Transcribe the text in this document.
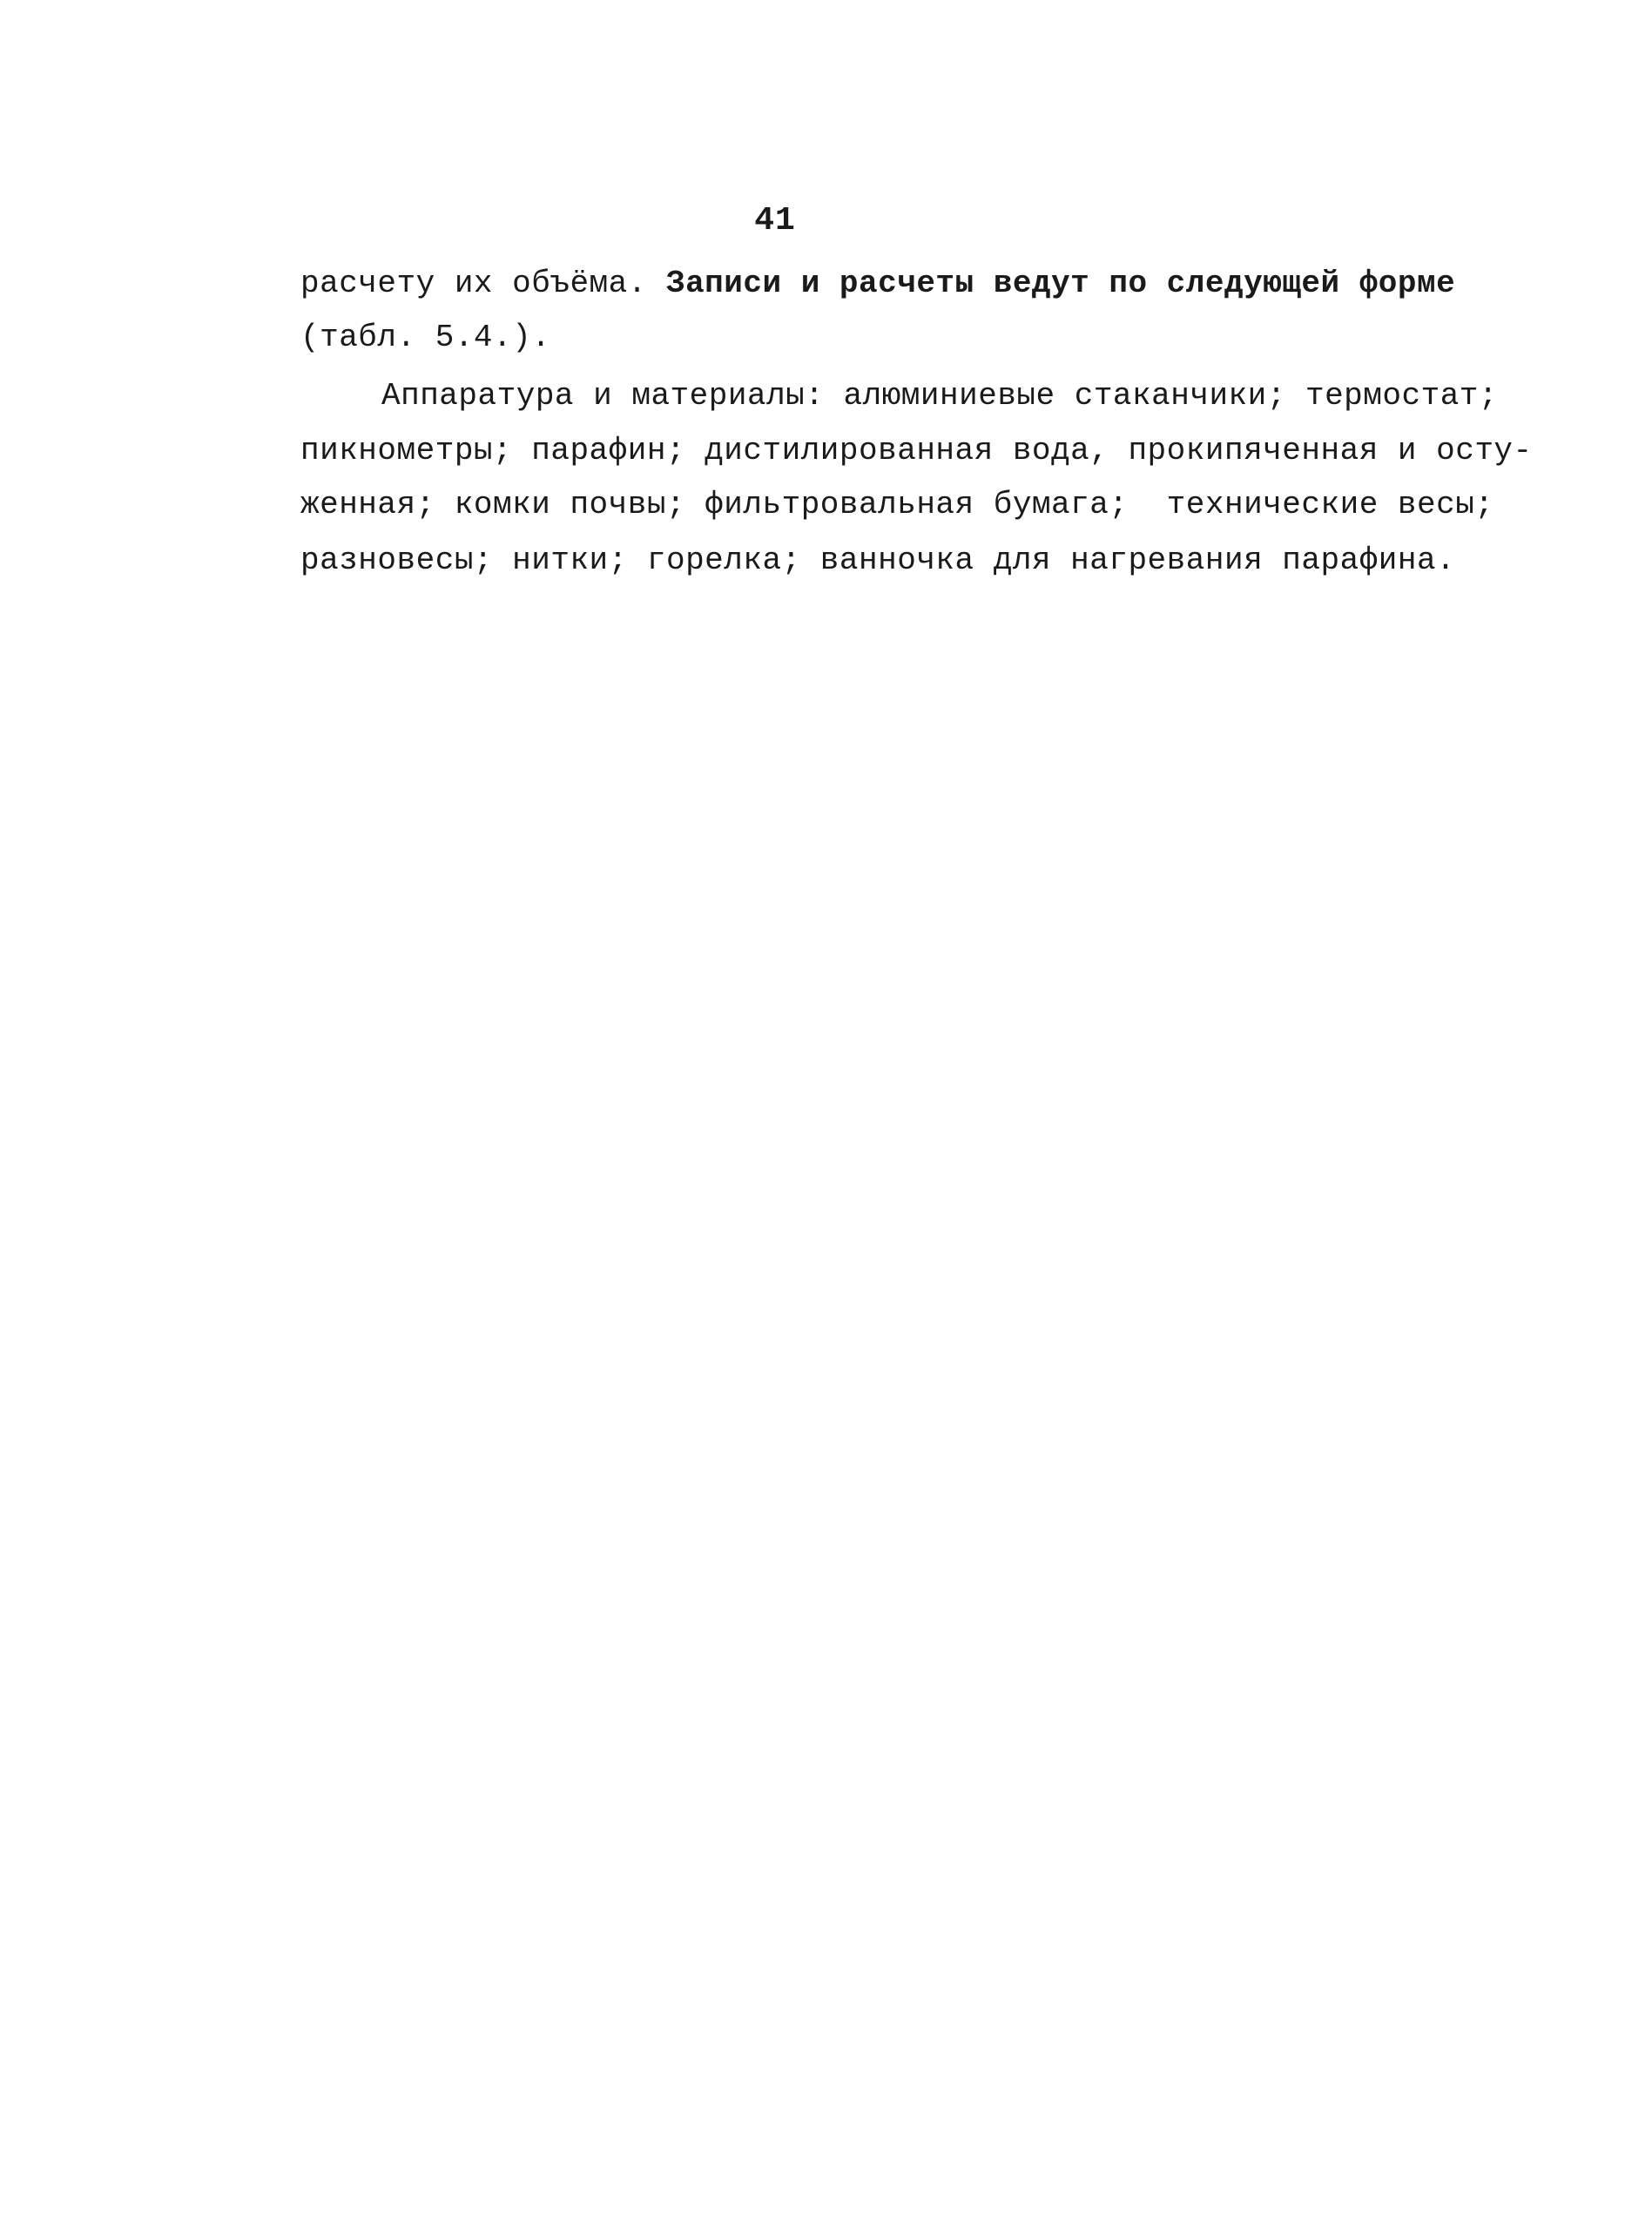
41
расчету их объёма. Записи и расчеты ведут по следующей форме
(табл. 5.4.).
Аппаратура и материалы: алюминиевые стаканчики; термостат;
пикнометры; парафин; дистилированная вода, прокипяченная и осту-
женная; комки почвы; фильтровальная бумага;  технические весы;
разновесы; нитки; горелка; ванночка для нагревания парафина.
